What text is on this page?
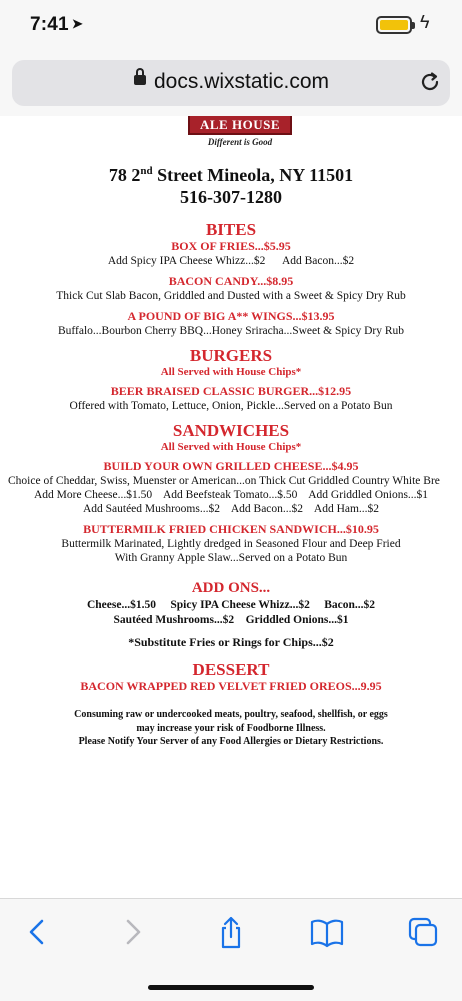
7:41 ➤	ϟ
docs.wixstatic.com
ALE HOUSE
Different is Good
78 2nd Street Mineola, NY 11501
516-307-1280
BITES
BOX OF FRIES...$5.95
Add Spicy IPA Cheese Whizz...$2      Add Bacon...$2
BACON CANDY...$8.95
Thick Cut Slab Bacon, Griddled and Dusted with a Sweet & Spicy Dry Rub
A POUND OF BIG A** WINGS...$13.95
Buffalo...Bourbon Cherry BBQ...Honey Sriracha...Sweet & Spicy Dry Rub
BURGERS
All Served with House Chips*
BEER BRAISED CLASSIC BURGER...$12.95
Offered with Tomato, Lettuce, Onion, Pickle...Served on a Potato Bun
SANDWICHES
All Served with House Chips*
BUILD YOUR OWN GRILLED CHEESE...$4.95
Choice of Cheddar, Swiss, Muenster or American...on Thick Cut Griddled Country White Bre
Add More Cheese...$1.50    Add Beefsteak Tomato...$.50    Add Griddled Onions...$1
Add Sautéed Mushrooms...$2    Add Bacon...$2    Add Ham...$2
BUTTERMILK FRIED CHICKEN SANDWICH...$10.95
Buttermilk Marinated, Lightly dredged in Seasoned Flour and Deep Fried
With Granny Apple Slaw...Served on a Potato Bun
ADD ONS...
Cheese...$1.50     Spicy IPA Cheese Whizz...$2     Bacon...$2
Sautéed Mushrooms...$2    Griddled Onions...$1
*Substitute Fries or Rings for Chips...$2
DESSERT
BACON WRAPPED RED VELVET FRIED OREOS...9.95
Consuming raw or undercooked meats, poultry, seafood, shellfish, or eggs
may increase your risk of Foodborne Illness.
Please Notify Your Server of any Food Allergies or Dietary Restrictions.
